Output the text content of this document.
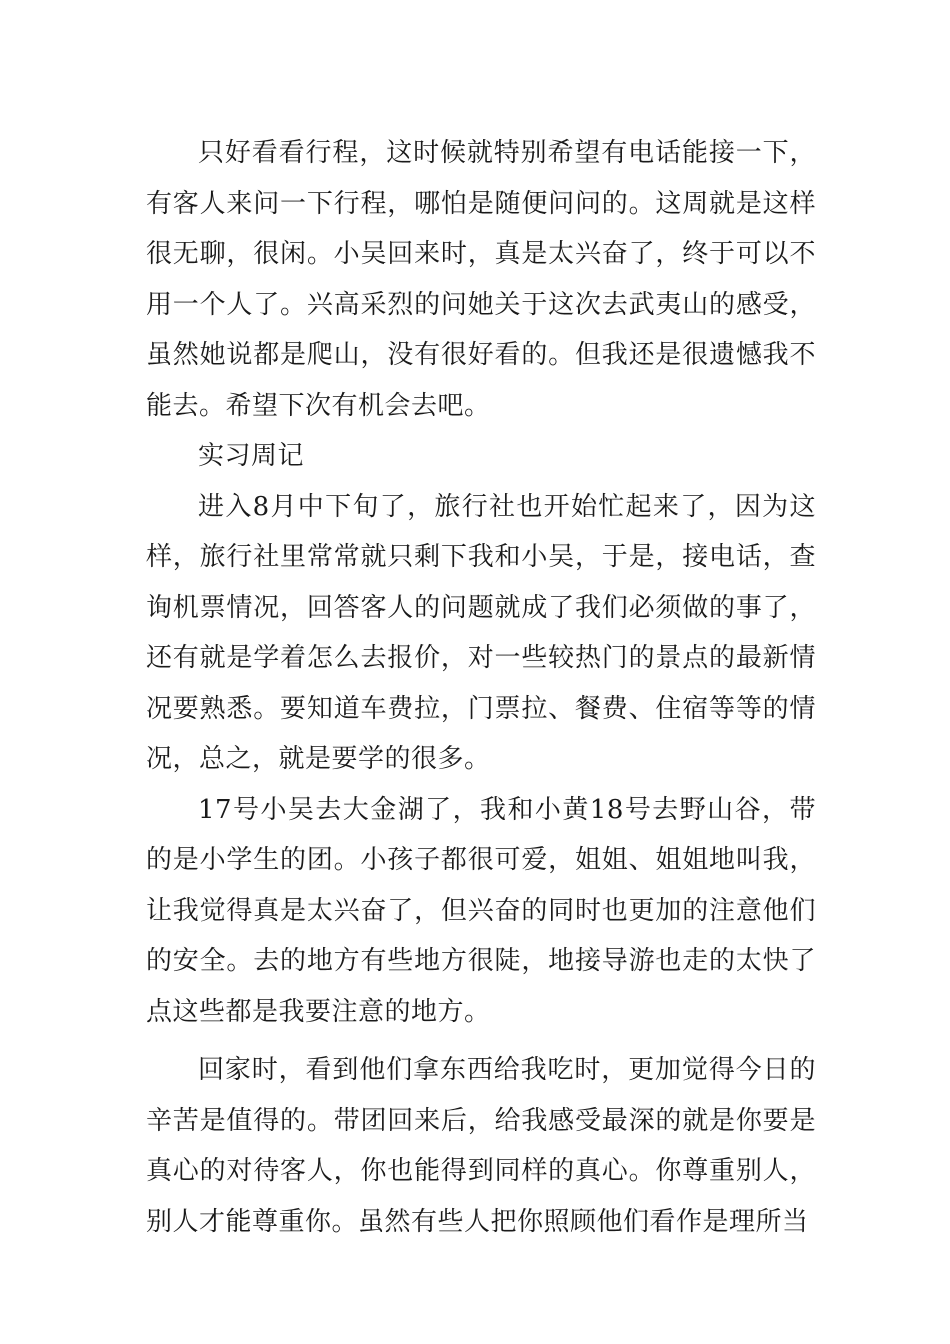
只好看看行程，这时候就特别希望有电话能接一下，有客人来问一下行程，哪怕是随便问问的。这周就是这样很无聊，很闲。小吴回来时，真是太兴奋了，终于可以不用一个人了。兴高采烈的问她关于这次去武夷山的感受，虽然她说都是爬山，没有很好看的。但我还是很遗憾我不能去。希望下次有机会去吧。

实习周记

进入8月中下旬了，旅行社也开始忙起来了，因为这样，旅行社里常常就只剩下我和小吴，于是，接电话，查询机票情况，回答客人的问题就成了我们必须做的事了，还有就是学着怎么去报价，对一些较热门的景点的最新情况要熟悉。要知道车费拉，门票拉、餐费、住宿等等的情况，总之，就是要学的很多。

17号小吴去大金湖了，我和小黄18号去野山谷，带的是小学生的团。小孩子都很可爱，姐姐、姐姐地叫我，让我觉得真是太兴奋了，但兴奋的同时也更加的注意他们的安全。去的地方有些地方很陡，地接导游也走的太快了点这些都是我要注意的地方。

回家时，看到他们拿东西给我吃时，更加觉得今日的辛苦是值得的。带团回来后，给我感受最深的就是你要是真心的对待客人，你也能得到同样的真心。你尊重别人，别人才能尊重你。虽然有些人把你照顾他们看作是理所当
